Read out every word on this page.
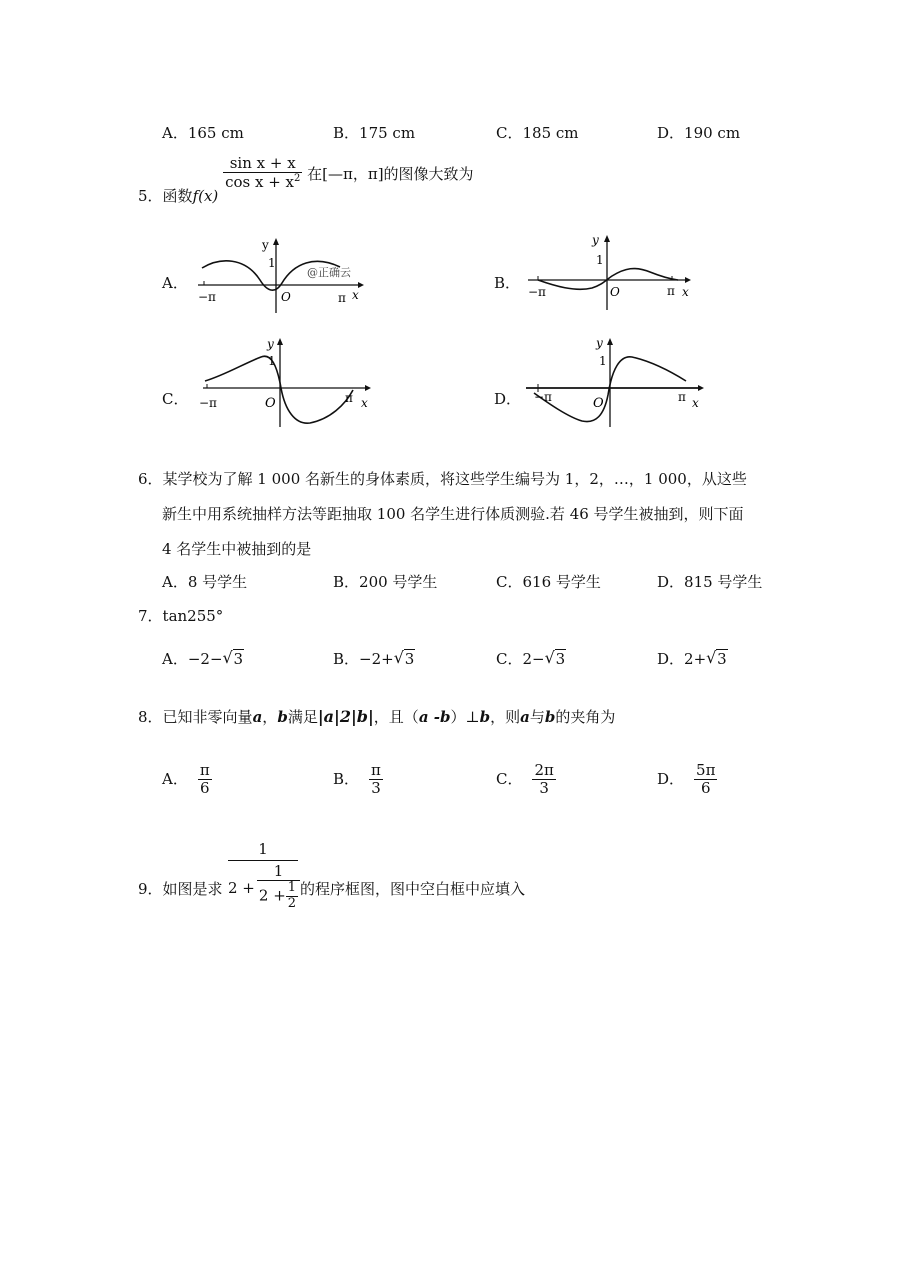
A．165 cm	B．175 cm	C．185 cm	D．190 cm
5．函数f(x)
$\frac{\text{sin x + x}}{\cos x + x^2}$ 在[—π，π]的图像大致为
A．	B．
C．	D．
y
1
O
−π	π x
@正确云
y
1
O
−π	π x
y
1
O
−π	π x
y
1
O
−π	π x
6．某学校为了解 1 000 名新生的身体素质，将这些学生编号为 1，2，…，1 000，从这些
新生中用系统抽样方法等距抽取 100 名学生进行体质测验.若 46 号学生被抽到，则下面
4 名学生中被抽到的是
A．8 号学生	B．200 号学生	C．616 号学生	D．815 号学生
7．tan255°
A．−2− √ 3	B．−2+ √ 3	C．2− √ 3	D．2+ √ 3
8．已知非零向量a，b满足|a|2|b|，且（a -b）⊥b，则a与b的夹角为
A． $\frac{\pi}{6}$	B． $\frac{\pi}{3}$	C． $\frac{2\pi}{3}$	D． $\frac{5\pi}{6}$
9．如图是求
1
$2 + \frac{1}{2 + \frac{1}{2}}$ 的程序框图，图中空白框中应填入
